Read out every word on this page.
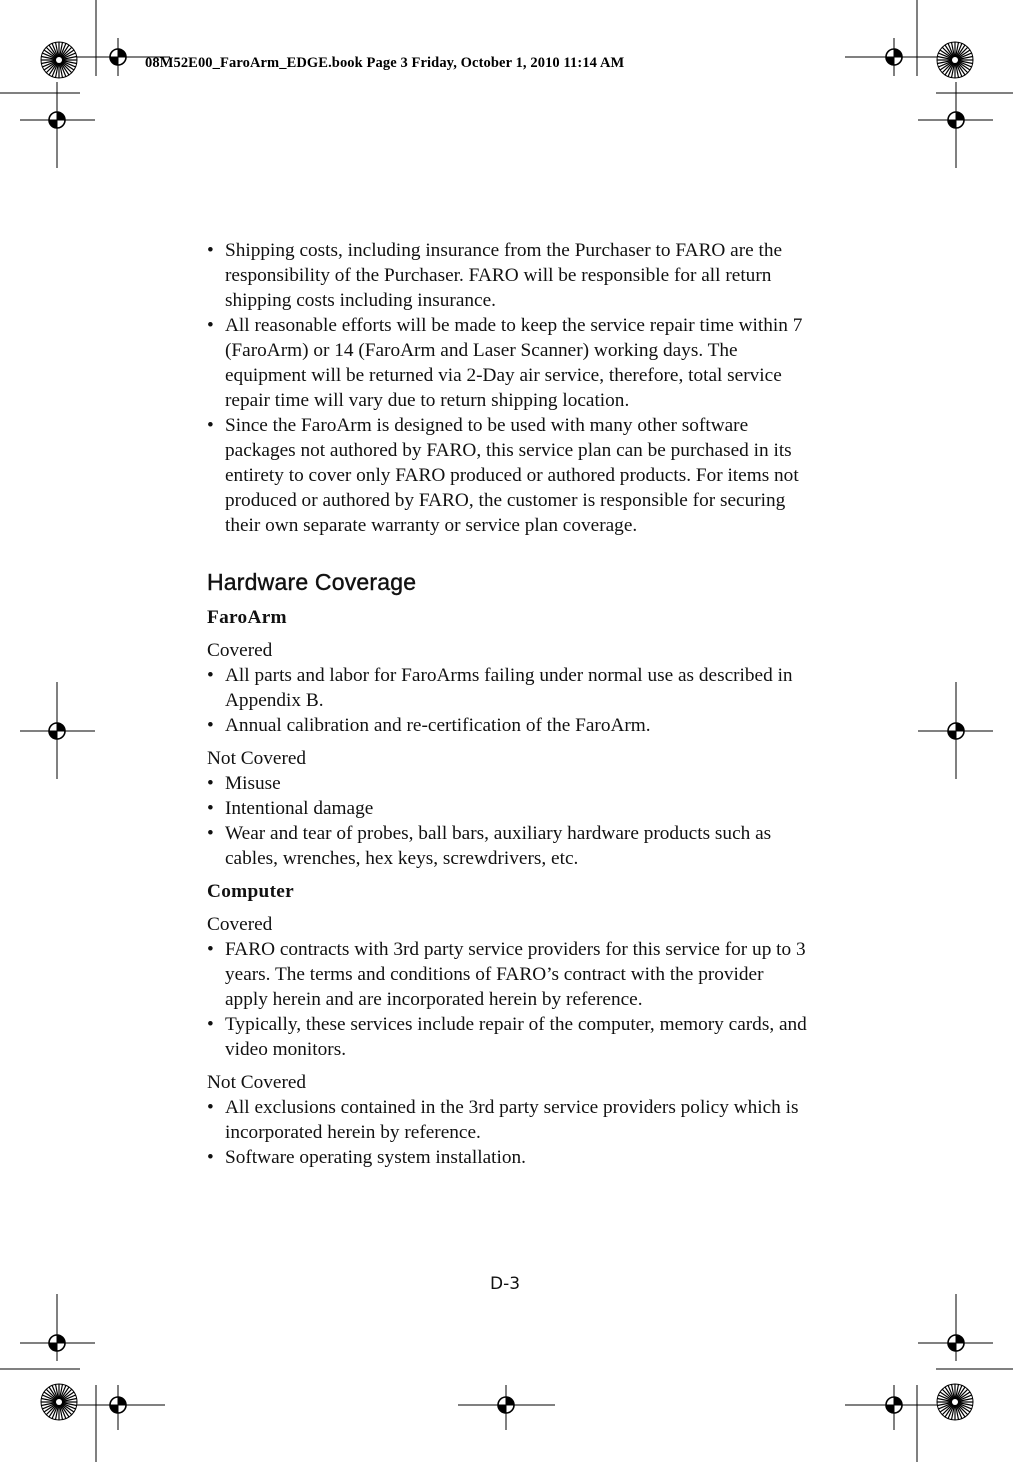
08M52E00_FaroArm_EDGE.book Page 3 Friday, October 1, 2010 11:14 AM
• Shipping costs, including insurance from the Purchaser to FARO are the responsibility of the Purchaser. FARO will be responsible for all return shipping costs including insurance.
• All reasonable efforts will be made to keep the service repair time within 7 (FaroArm) or 14 (FaroArm and Laser Scanner) working days. The equipment will be returned via 2-Day air service, therefore, total service repair time will vary due to return shipping location.
• Since the FaroArm is designed to be used with many other software packages not authored by FARO, this service plan can be purchased in its entirety to cover only FARO produced or authored products. For items not produced or authored by FARO, the customer is responsible for securing their own separate warranty or service plan coverage.
Hardware Coverage
FaroArm
Covered
• All parts and labor for FaroArms failing under normal use as described in Appendix B.
• Annual calibration and re-certification of the FaroArm.
Not Covered
• Misuse
• Intentional damage
• Wear and tear of probes, ball bars, auxiliary hardware products such as cables, wrenches, hex keys, screwdrivers, etc.
Computer
Covered
• FARO contracts with 3rd party service providers for this service for up to 3 years. The terms and conditions of FARO’s contract with the provider apply herein and are incorporated herein by reference.
• Typically, these services include repair of the computer, memory cards, and video monitors.
Not Covered
• All exclusions contained in the 3rd party service providers policy which is incorporated herein by reference.
• Software operating system installation.
D-3
